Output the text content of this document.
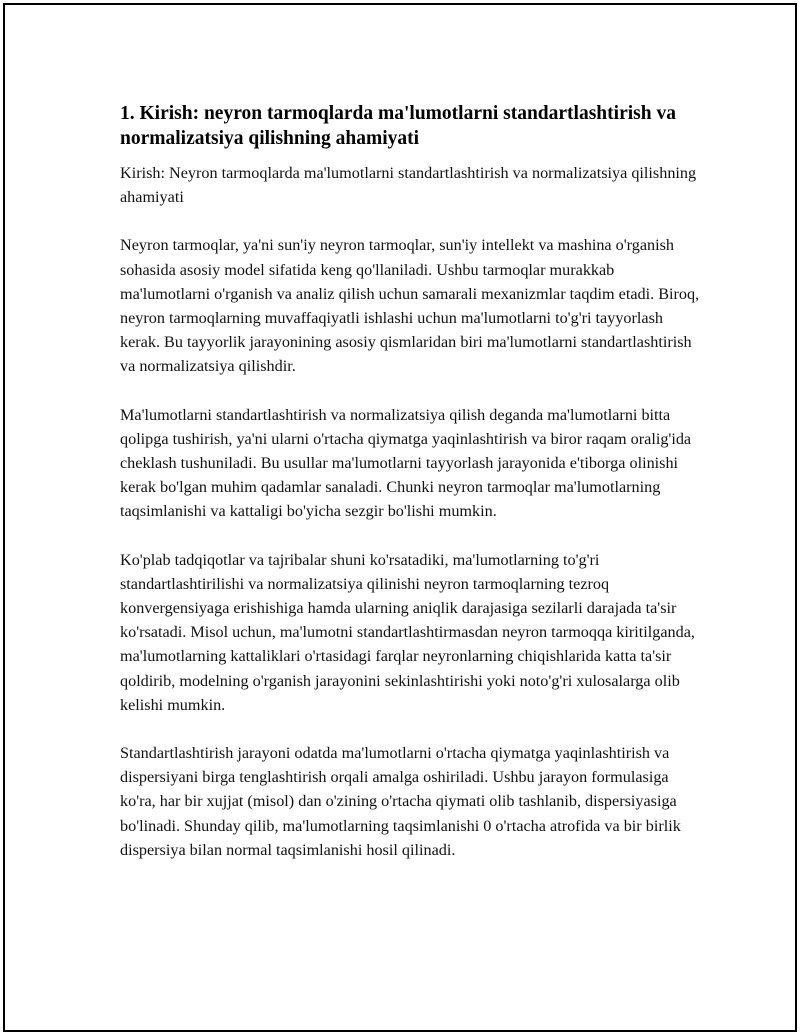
1. Kirish: neyron tarmoqlarda ma'lumotlarni standartlashtirish va normalizatsiya qilishning ahamiyati

Kirish: Neyron tarmoqlarda ma'lumotlarni standartlashtirish va normalizatsiya qilishning ahamiyati

Neyron tarmoqlar, ya'ni sun'iy neyron tarmoqlar, sun'iy intellekt va mashina o'rganish sohasida asosiy model sifatida keng qo'llaniladi. Ushbu tarmoqlar murakkab ma'lumotlarni o'rganish va analiz qilish uchun samarali mexanizmlar taqdim etadi. Biroq, neyron tarmoqlarning muvaffaqiyatli ishlashi uchun ma'lumotlarni to'g'ri tayyorlash kerak. Bu tayyorlik jarayonining asosiy qismlaridan biri ma'lumotlarni standartlashtirish va normalizatsiya qilishdir.

Ma'lumotlarni standartlashtirish va normalizatsiya qilish deganda ma'lumotlarni bitta qolipga tushirish, ya'ni ularni o'rtacha qiymatga yaqinlashtirish va biror raqam oralig'ida cheklash tushuniladi. Bu usullar ma'lumotlarni tayyorlash jarayonida e'tiborga olinishi kerak bo'lgan muhim qadamlar sanaladi. Chunki neyron tarmoqlar ma'lumotlarning taqsimlanishi va kattaligi bo'yicha sezgir bo'lishi mumkin.

Ko'plab tadqiqotlar va tajribalar shuni ko'rsatadiki, ma'lumotlarning to'g'ri standartlashtirilishi va normalizatsiya qilinishi neyron tarmoqlarning tezroq konvergensiyaga erishishiga hamda ularning aniqlik darajasiga sezilarli darajada ta'sir ko'rsatadi. Misol uchun, ma'lumotni standartlashtirmasdan neyron tarmoqqa kiritilganda, ma'lumotlarning kattaliklari o'rtasidagi farqlar neyronlarning chiqishlarida katta ta'sir qoldirib, modelning o'rganish jarayonini sekinlashtirishi yoki noto'g'ri xulosalarga olib kelishi mumkin.

Standartlashtirish jarayoni odatda ma'lumotlarni o'rtacha qiymatga yaqinlashtirish va dispersiyani birga tenglashtirish orqali amalga oshiriladi. Ushbu jarayon formulasiga ko'ra, har bir xujjat (misol) dan o'zining o'rtacha qiymati olib tashlanib, dispersiyasiga bo'linadi. Shunday qilib, ma'lumotlarning taqsimlanishi 0 o'rtacha atrofida va bir birlik dispersiya bilan normal taqsimlanishi hosil qilinadi.
